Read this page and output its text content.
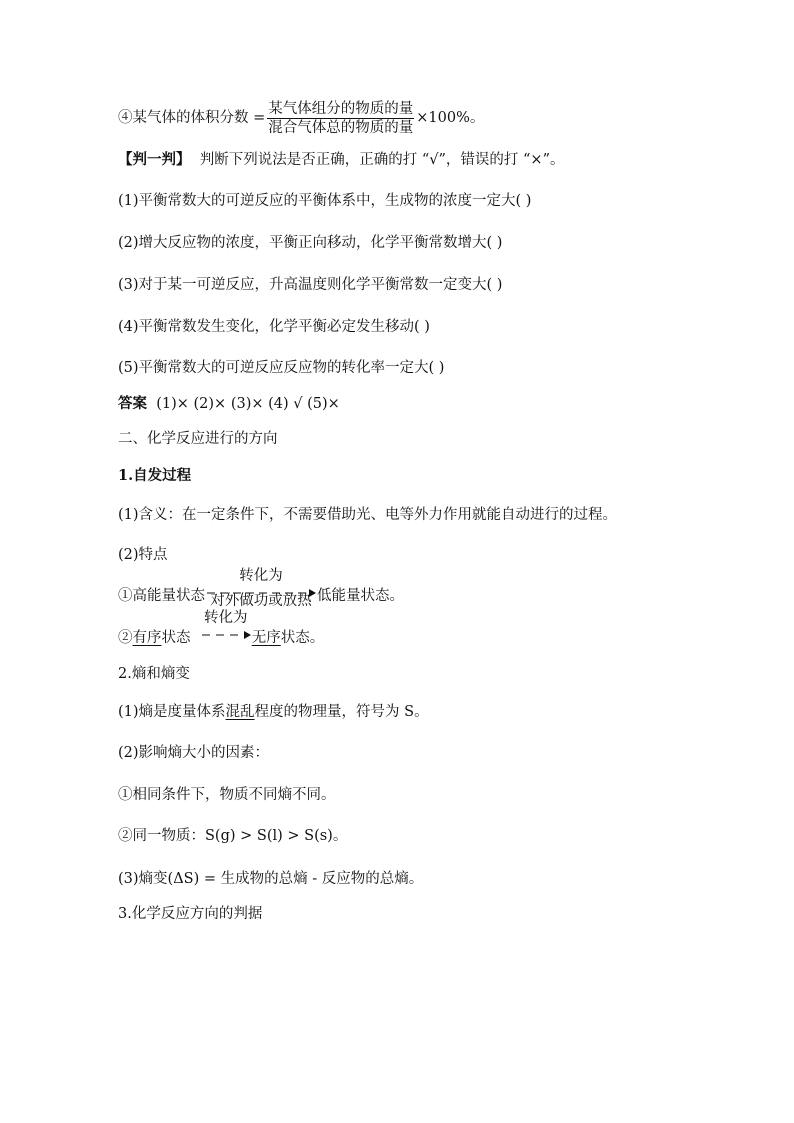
④某气体的体积分数 = $\frac{\text{某气体组分的物质的量}}{\text{混合气体总的物质的量}} \times 100\%$。
【判一判】 判断下列说法是否正确，正确的打 “√”，错误的打 “×”。
(1)平衡常数大的可逆反应的平衡体系中，生成物的浓度一定大( )
(2)增大反应物的浓度，平衡正向移动，化学平衡常数增大( )
(3)对于某一可逆反应，升高温度则化学平衡常数一定变大( )
(4)平衡常数发生变化，化学平衡必定发生移动( )
(5)平衡常数大的可逆反应反应物的转化率一定大( )
答案 (1)× (2)× (3)× (4) √ (5)×
二、化学反应进行的方向
1.自发过程
(1)含义：在一定条件下，不需要借助光、电等外力作用就能自动进行的过程。
(2)特点
①高能量状态
转化为
对外做功或放热 低能量状态。
②有序状态
转化为
无序状态。
2.熵和熵变
(1)熵是度量体系混乱程度的物理量，符号为 S。
(2)影响熵大小的因素：
①相同条件下，物质不同熵不同。
②同一物质：S(g) > S(l) > S(s)。
(3)熵变(ΔS) = 生成物的总熵 - 反应物的总熵。
3.化学反应方向的判据
